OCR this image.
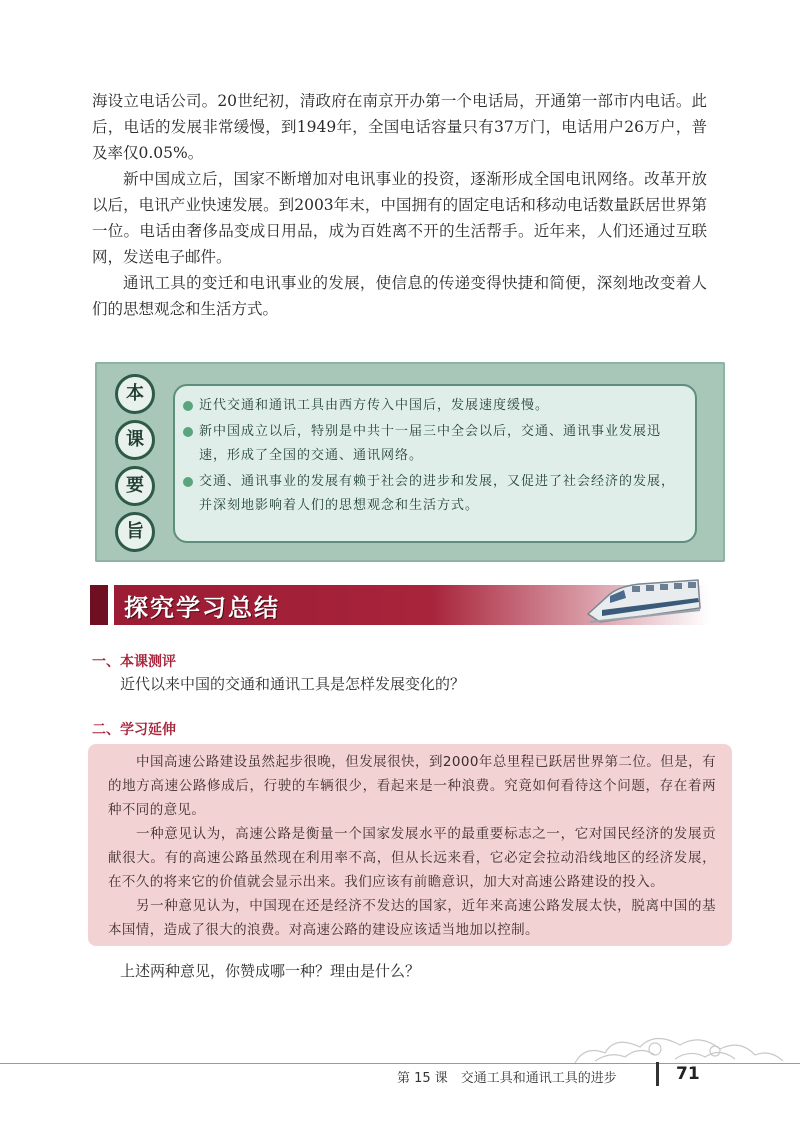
海设立电话公司。20世纪初，清政府在南京开办第一个电话局，开通第一部市内电话。此后，电话的发展非常缓慢，到1949年，全国电话容量只有37万门，电话用户26万户，普及率仅0.05%。

新中国成立后，国家不断增加对电讯事业的投资，逐渐形成全国电讯网络。改革开放以后，电讯产业快速发展。到2003年末，中国拥有的固定电话和移动电话数量跃居世界第一位。电话由奢侈品变成日用品，成为百姓离不开的生活帮手。近年来，人们还通过互联网，发送电子邮件。

通讯工具的变迁和电讯事业的发展，使信息的传递变得快捷和简便，深刻地改变着人们的思想观念和生活方式。

本
课
要
旨
近代交通和通讯工具由西方传入中国后，发展速度缓慢。
新中国成立以后，特别是中共十一届三中全会以后，交通、通讯事业发展迅速，形成了全国的交通、通讯网络。
交通、通讯事业的发展有赖于社会的进步和发展，又促进了社会经济的发展，并深刻地影响着人们的思想观念和生活方式。
探究学习总结
一、本课测评
近代以来中国的交通和通讯工具是怎样发展变化的？
二、学习延伸

中国高速公路建设虽然起步很晚，但发展很快，到2000年总里程已跃居世界第二位。但是，有的地方高速公路修成后，行驶的车辆很少，看起来是一种浪费。究竟如何看待这个问题，存在着两种不同的意见。

一种意见认为，高速公路是衡量一个国家发展水平的最重要标志之一，它对国民经济的发展贡献很大。有的高速公路虽然现在利用率不高，但从长远来看，它必定会拉动沿线地区的经济发展，在不久的将来它的价值就会显示出来。我们应该有前瞻意识，加大对高速公路建设的投入。

另一种意见认为，中国现在还是经济不发达的国家，近年来高速公路发展太快，脱离中国的基本国情，造成了很大的浪费。对高速公路的建设应该适当地加以控制。

上述两种意见，你赞成哪一种？理由是什么？
第 15 课　交通工具和通讯工具的进步	71
